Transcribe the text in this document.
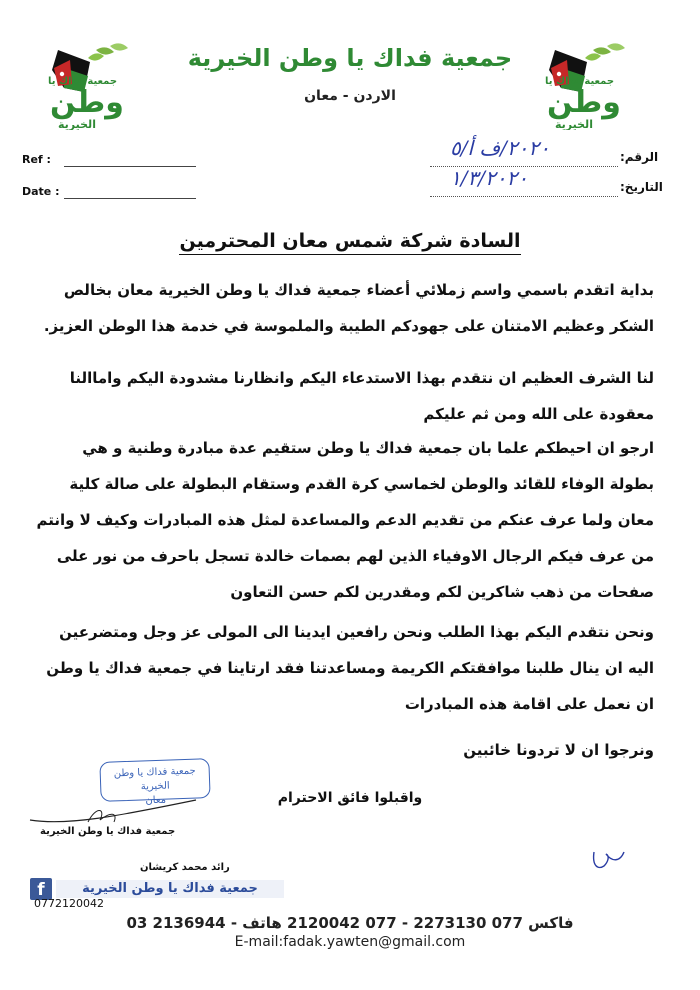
جمعية فداك يا
وطن
الخيرية
جمعية فداك يا
وطن
الخيرية
جمعية فداك يا وطن الخيرية
الاردن - معان
Ref :
Date :
الرقم:
٢٠٢٠/ف أ/٥
التاريخ:
١/٣/٢٠٢٠
السادة شركة شمس معان المحترمين

بداية اتقدم باسمي واسم زملائي أعضاء جمعية فداك يا وطن الخيرية معان بخالص الشكر وعظيم الامتنان على جهودكم الطيبة والملموسة في خدمة هذا الوطن العزيز.

لنا الشرف العظيم ان نتقدم بهذا الاستدعاء اليكم وانظارنا مشدودة اليكم واماالنا معقودة على الله ومن ثم عليكم

ارجو ان احيطكم علما بان جمعية فداك يا وطن ستقيم عدة مبادرة وطنية و هي بطولة الوفاء للقائد والوطن لخماسي كرة القدم وستقام البطولة على صالة كلية معان ولما عرف عنكم من تقديم الدعم والمساعدة لمثل هذه المبادرات وكيف لا وانتم من عرف فيكم الرجال الاوفياء الذين لهم بصمات خالدة تسجل باحرف من نور على صفحات من ذهب شاكرين لكم ومقدرين لكم حسن التعاون

ونحن نتقدم اليكم بهذا الطلب ونحن رافعين ايدينا الى المولى عز وجل ومتضرعين اليه ان ينال طلبنا موافقتكم الكريمة ومساعدتنا فقد ارتاينا في جمعية فداك يا وطن ان نعمل على اقامة هذه المبادرات

ونرجوا ان لا تردونا خائبين

واقبلوا فائق الاحترام
جمعية فداك يا وطن الخيرية
معان
جمعية فداك يا وطن الخيرية
رائد محمد كريشان
f	جمعية فداك يا وطن الخيرية
0772120042
03 2136944 - فاكس 077 2273130 - 077 2120042 هاتف
E-mail:fadak.yawten@gmail.com
